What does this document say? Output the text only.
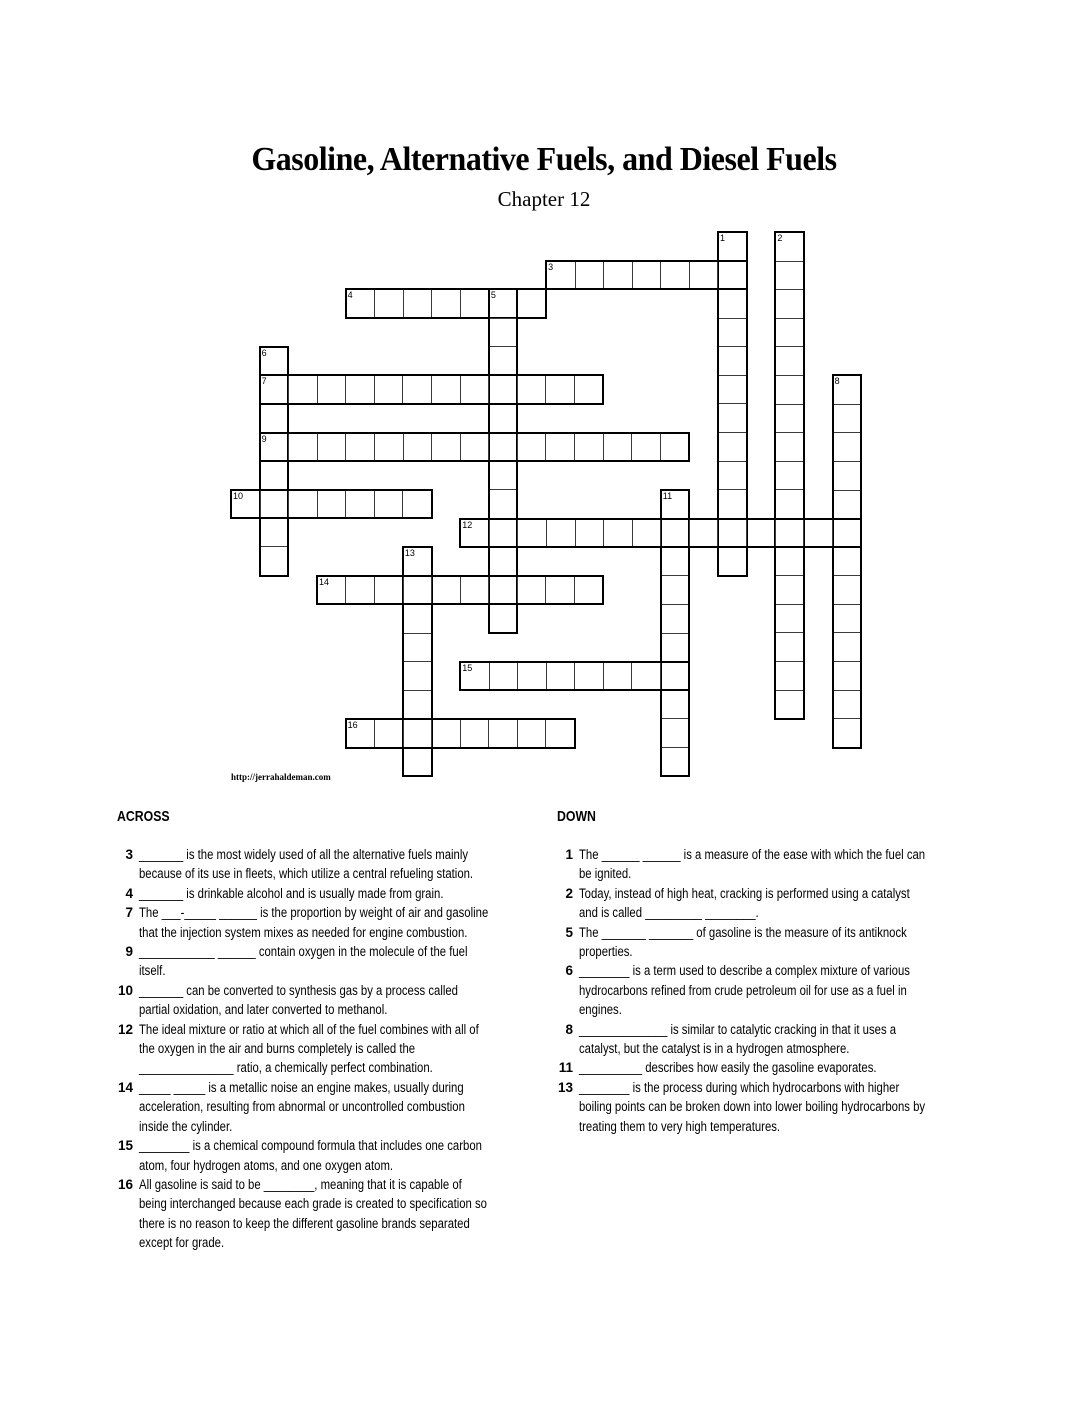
Gasoline, Alternative Fuels, and Diesel Fuels
Chapter 12
1	2
3
4	5
6
7	8
9
10	11
12
13
14
15
16
http://jerrahaldeman.com
ACROSS
3 _______ is the most widely used of all the alternative fuels mainly because of its use in fleets, which utilize a central refueling station.
4 _______ is drinkable alcohol and is usually made from grain.
7 The ___-_____ ______ is the proportion by weight of air and gasoline that the injection system mixes as needed for engine combustion.
9 ____________ ______ contain oxygen in the molecule of the fuel itself.
10 _______ can be converted to synthesis gas by a process called partial oxidation, and later converted to methanol.
12 The ideal mixture or ratio at which all of the fuel combines with all of the oxygen in the air and burns completely is called the _______________ ratio, a chemically perfect combination.
14 _____ _____ is a metallic noise an engine makes, usually during acceleration, resulting from abnormal or uncontrolled combustion inside the cylinder.
15 ________ is a chemical compound formula that includes one carbon atom, four hydrogen atoms, and one oxygen atom.
16 All gasoline is said to be ________, meaning that it is capable of being interchanged because each grade is created to specification so there is no reason to keep the different gasoline brands separated except for grade.
DOWN
1 The ______ ______ is a measure of the ease with which the fuel can be ignited.
2 Today, instead of high heat, cracking is performed using a catalyst and is called _________ ________.
5 The _______ _______ of gasoline is the measure of its antiknock properties.
6 ________ is a term used to describe a complex mixture of various hydrocarbons refined from crude petroleum oil for use as a fuel in engines.
8 ______________ is similar to catalytic cracking in that it uses a catalyst, but the catalyst is in a hydrogen atmosphere.
11 __________ describes how easily the gasoline evaporates.
13 ________ is the process during which hydrocarbons with higher boiling points can be broken down into lower boiling hydrocarbons by treating them to very high temperatures.
